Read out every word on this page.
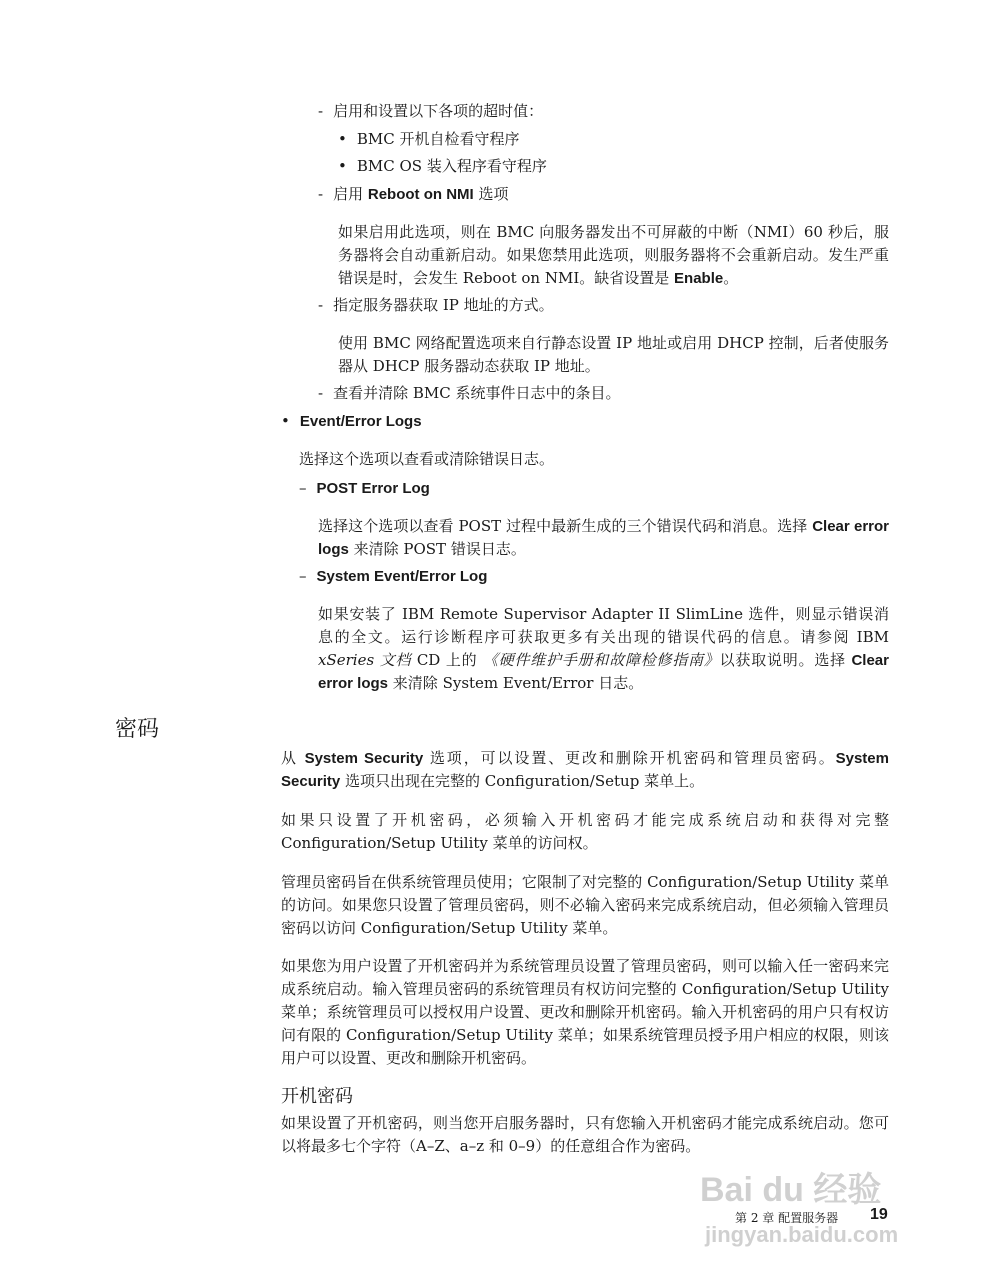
- 启用和设置以下各项的超时值：
• BMC 开机自检看守程序
• BMC OS 装入程序看守程序
- 启用 Reboot on NMI 选项
如果启用此选项，则在 BMC 向服务器发出不可屏蔽的中断（NMI）60 秒后，服务器将会自动重新启动。如果您禁用此选项，则服务器将不会重新启动。发生严重错误是时，会发生 Reboot on NMI。缺省设置是 Enable。
- 指定服务器获取 IP 地址的方式。
使用 BMC 网络配置选项来自行静态设置 IP 地址或启用 DHCP 控制，后者使服务器从 DHCP 服务器动态获取 IP 地址。
- 查看并清除 BMC 系统事件日志中的条目。
• Event/Error Logs
选择这个选项以查看或清除错误日志。
– POST Error Log
选择这个选项以查看 POST 过程中最新生成的三个错误代码和消息。选择 Clear error logs 来清除 POST 错误日志。
– System Event/Error Log
如果安装了 IBM Remote Supervisor Adapter II SlimLine 选件，则显示错误消息的全文。运行诊断程序可获取更多有关出现的错误代码的信息。请参阅 IBM xSeries 文档 CD 上的 《硬件维护手册和故障检修指南》以获取说明。选择 Clear error logs 来清除 System Event/Error 日志。
密码
从 System Security 选项，可以设置、更改和删除开机密码和管理员密码。System Security 选项只出现在完整的 Configuration/Setup 菜单上。
如果只设置了开机密码，必须输入开机密码才能完成系统启动和获得对完整 Configuration/Setup Utility 菜单的访问权。
管理员密码旨在供系统管理员使用；它限制了对完整的 Configuration/Setup Utility 菜单的访问。如果您只设置了管理员密码，则不必输入密码来完成系统启动，但必须输入管理员密码以访问 Configuration/Setup Utility 菜单。
如果您为用户设置了开机密码并为系统管理员设置了管理员密码，则可以输入任一密码来完成系统启动。输入管理员密码的系统管理员有权访问完整的 Configuration/Setup Utility 菜单；系统管理员可以授权用户设置、更改和删除开机密码。输入开机密码的用户只有权访问有限的 Configuration/Setup Utility 菜单；如果系统管理员授予用户相应的权限，则该用户可以设置、更改和删除开机密码。
开机密码
如果设置了开机密码，则当您开启服务器时，只有您输入开机密码才能完成系统启动。您可以将最多七个字符（A–Z、a–z 和 0–9）的任意组合作为密码。
第 2 章 配置服务器 19
Bai du 经验
jingyan.baidu.com
